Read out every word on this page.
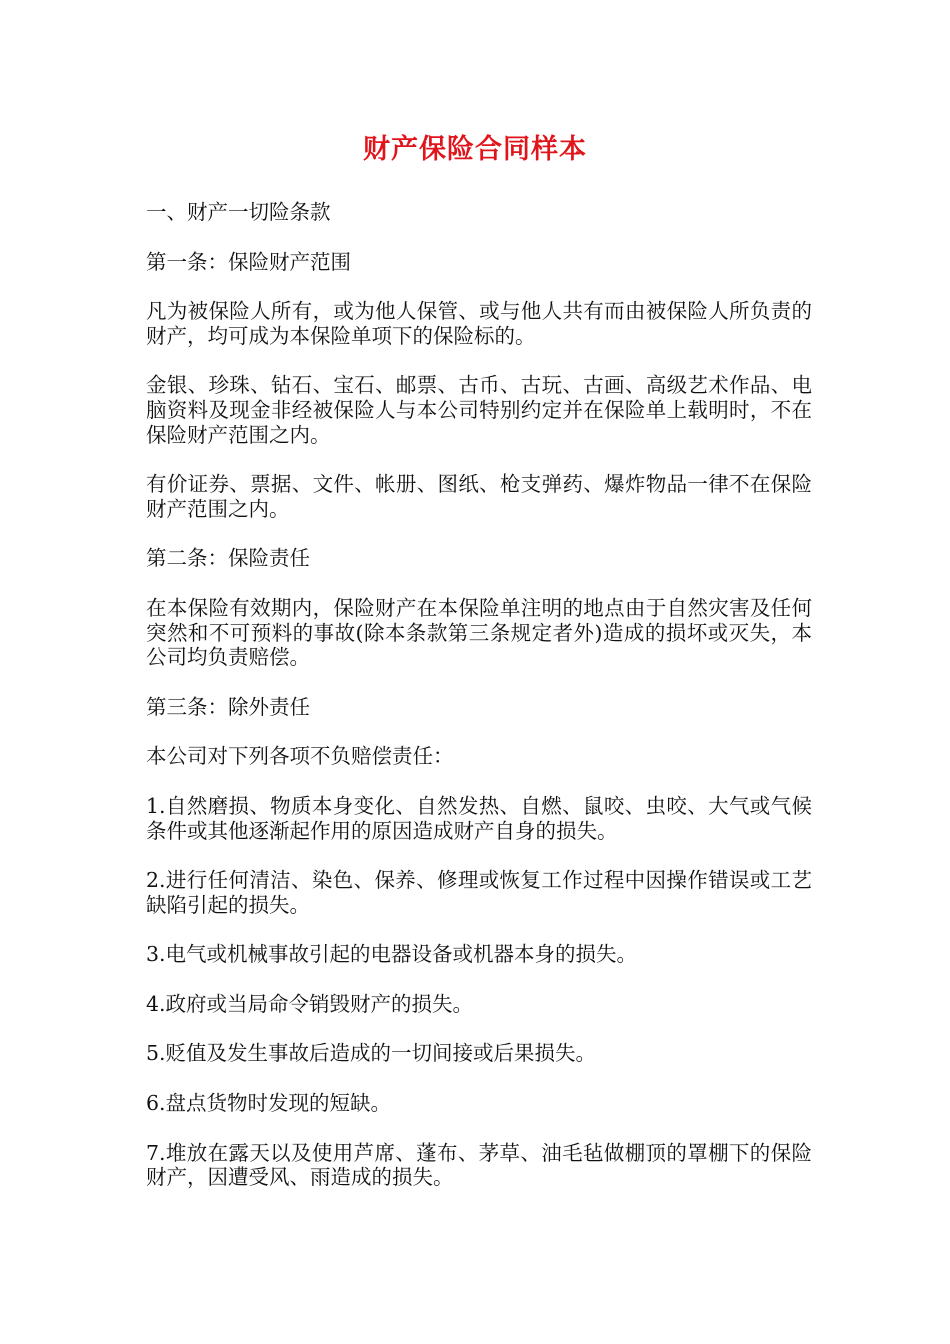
财产保险合同样本

一、财产一切险条款

第一条：保险财产范围

凡为被保险人所有，或为他人保管、或与他人共有而由被保险人所负责的财产，均可成为本保险单项下的保险标的。

金银、珍珠、钻石、宝石、邮票、古币、古玩、古画、高级艺术作品、电脑资料及现金非经被保险人与本公司特别约定并在保险单上载明时，不在保险财产范围之内。

有价证券、票据、文件、帐册、图纸、枪支弹药、爆炸物品一律不在保险财产范围之内。

第二条：保险责任

在本保险有效期内，保险财产在本保险单注明的地点由于自然灾害及任何突然和不可预料的事故(除本条款第三条规定者外)造成的损坏或灭失，本公司均负责赔偿。

第三条：除外责任

本公司对下列各项不负赔偿责任：

1.自然磨损、物质本身变化、自然发热、自燃、鼠咬、虫咬、大气或气候条件或其他逐渐起作用的原因造成财产自身的损失。

2.进行任何清洁、染色、保养、修理或恢复工作过程中因操作错误或工艺缺陷引起的损失。

3.电气或机械事故引起的电器设备或机器本身的损失。

4.政府或当局命令销毁财产的损失。

5.贬值及发生事故后造成的一切间接或后果损失。

6.盘点货物时发现的短缺。

7.堆放在露天以及使用芦席、蓬布、茅草、油毛毡做棚顶的罩棚下的保险财产，因遭受风、雨造成的损失。
